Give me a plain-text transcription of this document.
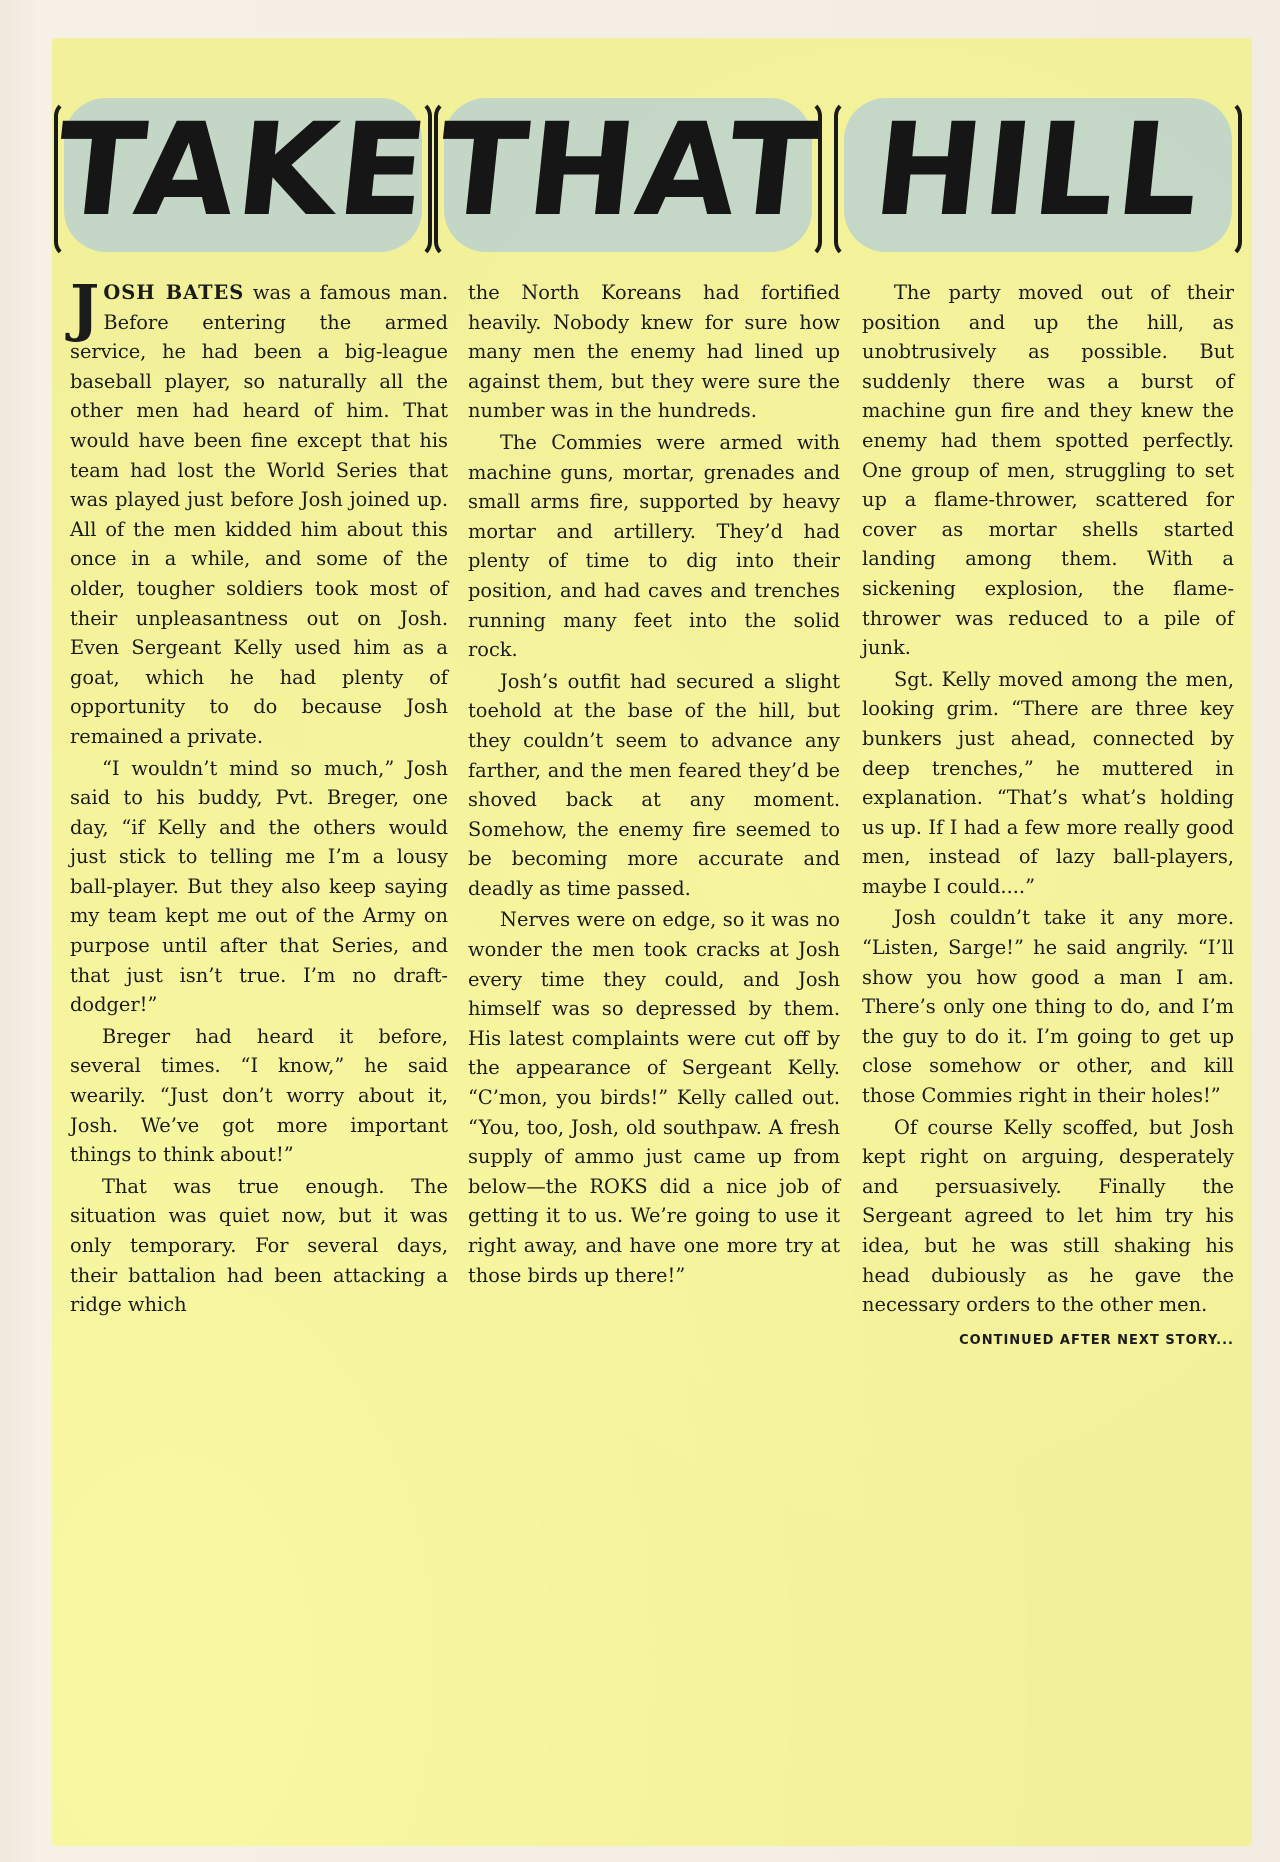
TAKE
THAT HILL

JOSH BATES was a famous man. Before entering the armed service, he had been a big-league baseball player, so naturally all the other men had heard of him. That would have been fine except that his team had lost the World Series that was played just before Josh joined up. All of the men kidded him about this once in a while, and some of the older, tougher soldiers took most of their unpleasantness out on Josh. Even Sergeant Kelly used him as a goat, which he had plenty of opportunity to do because Josh remained a private.

“I wouldn’t mind so much,” Josh said to his buddy, Pvt. Breger, one day, “if Kelly and the others would just stick to telling me I’m a lousy ball-player. But they also keep saying my team kept me out of the Army on purpose until after that Series, and that just isn’t true. I’m no draft-dodger!”

Breger had heard it before, several times. “I know,” he said wearily. “Just don’t worry about it, Josh. We’ve got more important things to think about!”

That was true enough. The situation was quiet now, but it was only temporary. For several days, their battalion had been attacking a ridge which

the North Koreans had fortified heavily. Nobody knew for sure how many men the enemy had lined up against them, but they were sure the number was in the hundreds.

The Commies were armed with machine guns, mortar, grenades and small arms fire, supported by heavy mortar and artillery. They’d had plenty of time to dig into their position, and had caves and trenches running many feet into the solid rock.

Josh’s outfit had secured a slight toehold at the base of the hill, but they couldn’t seem to advance any farther, and the men feared they’d be shoved back at any moment. Somehow, the enemy fire seemed to be becoming more accurate and deadly as time passed.

Nerves were on edge, so it was no wonder the men took cracks at Josh every time they could, and Josh himself was so depressed by them. His latest complaints were cut off by the appearance of Sergeant Kelly. “C’mon, you birds!” Kelly called out. “You, too, Josh, old southpaw. A fresh supply of ammo just came up from below—the ROKS did a nice job of getting it to us. We’re going to use it right away, and have one more try at those birds up there!”

The party moved out of their position and up the hill, as unobtrusively as possible. But suddenly there was a burst of machine gun fire and they knew the enemy had them spotted perfectly. One group of men, struggling to set up a flame-thrower, scattered for cover as mortar shells started landing among them. With a sickening explosion, the flame-thrower was reduced to a pile of junk.

Sgt. Kelly moved among the men, looking grim. “There are three key bunkers just ahead, connected by deep trenches,” he muttered in explanation. “That’s what’s holding us up. If I had a few more really good men, instead of lazy ball-players, maybe I could....”

Josh couldn’t take it any more. “Listen, Sarge!” he said angrily. “I’ll show you how good a man I am. There’s only one thing to do, and I’m the guy to do it. I’m going to get up close somehow or other, and kill those Commies right in their holes!”

Of course Kelly scoffed, but Josh kept right on arguing, desperately and persuasively. Finally the Sergeant agreed to let him try his idea, but he was still shaking his head dubiously as he gave the necessary orders to the other men.

CONTINUED AFTER NEXT STORY...
